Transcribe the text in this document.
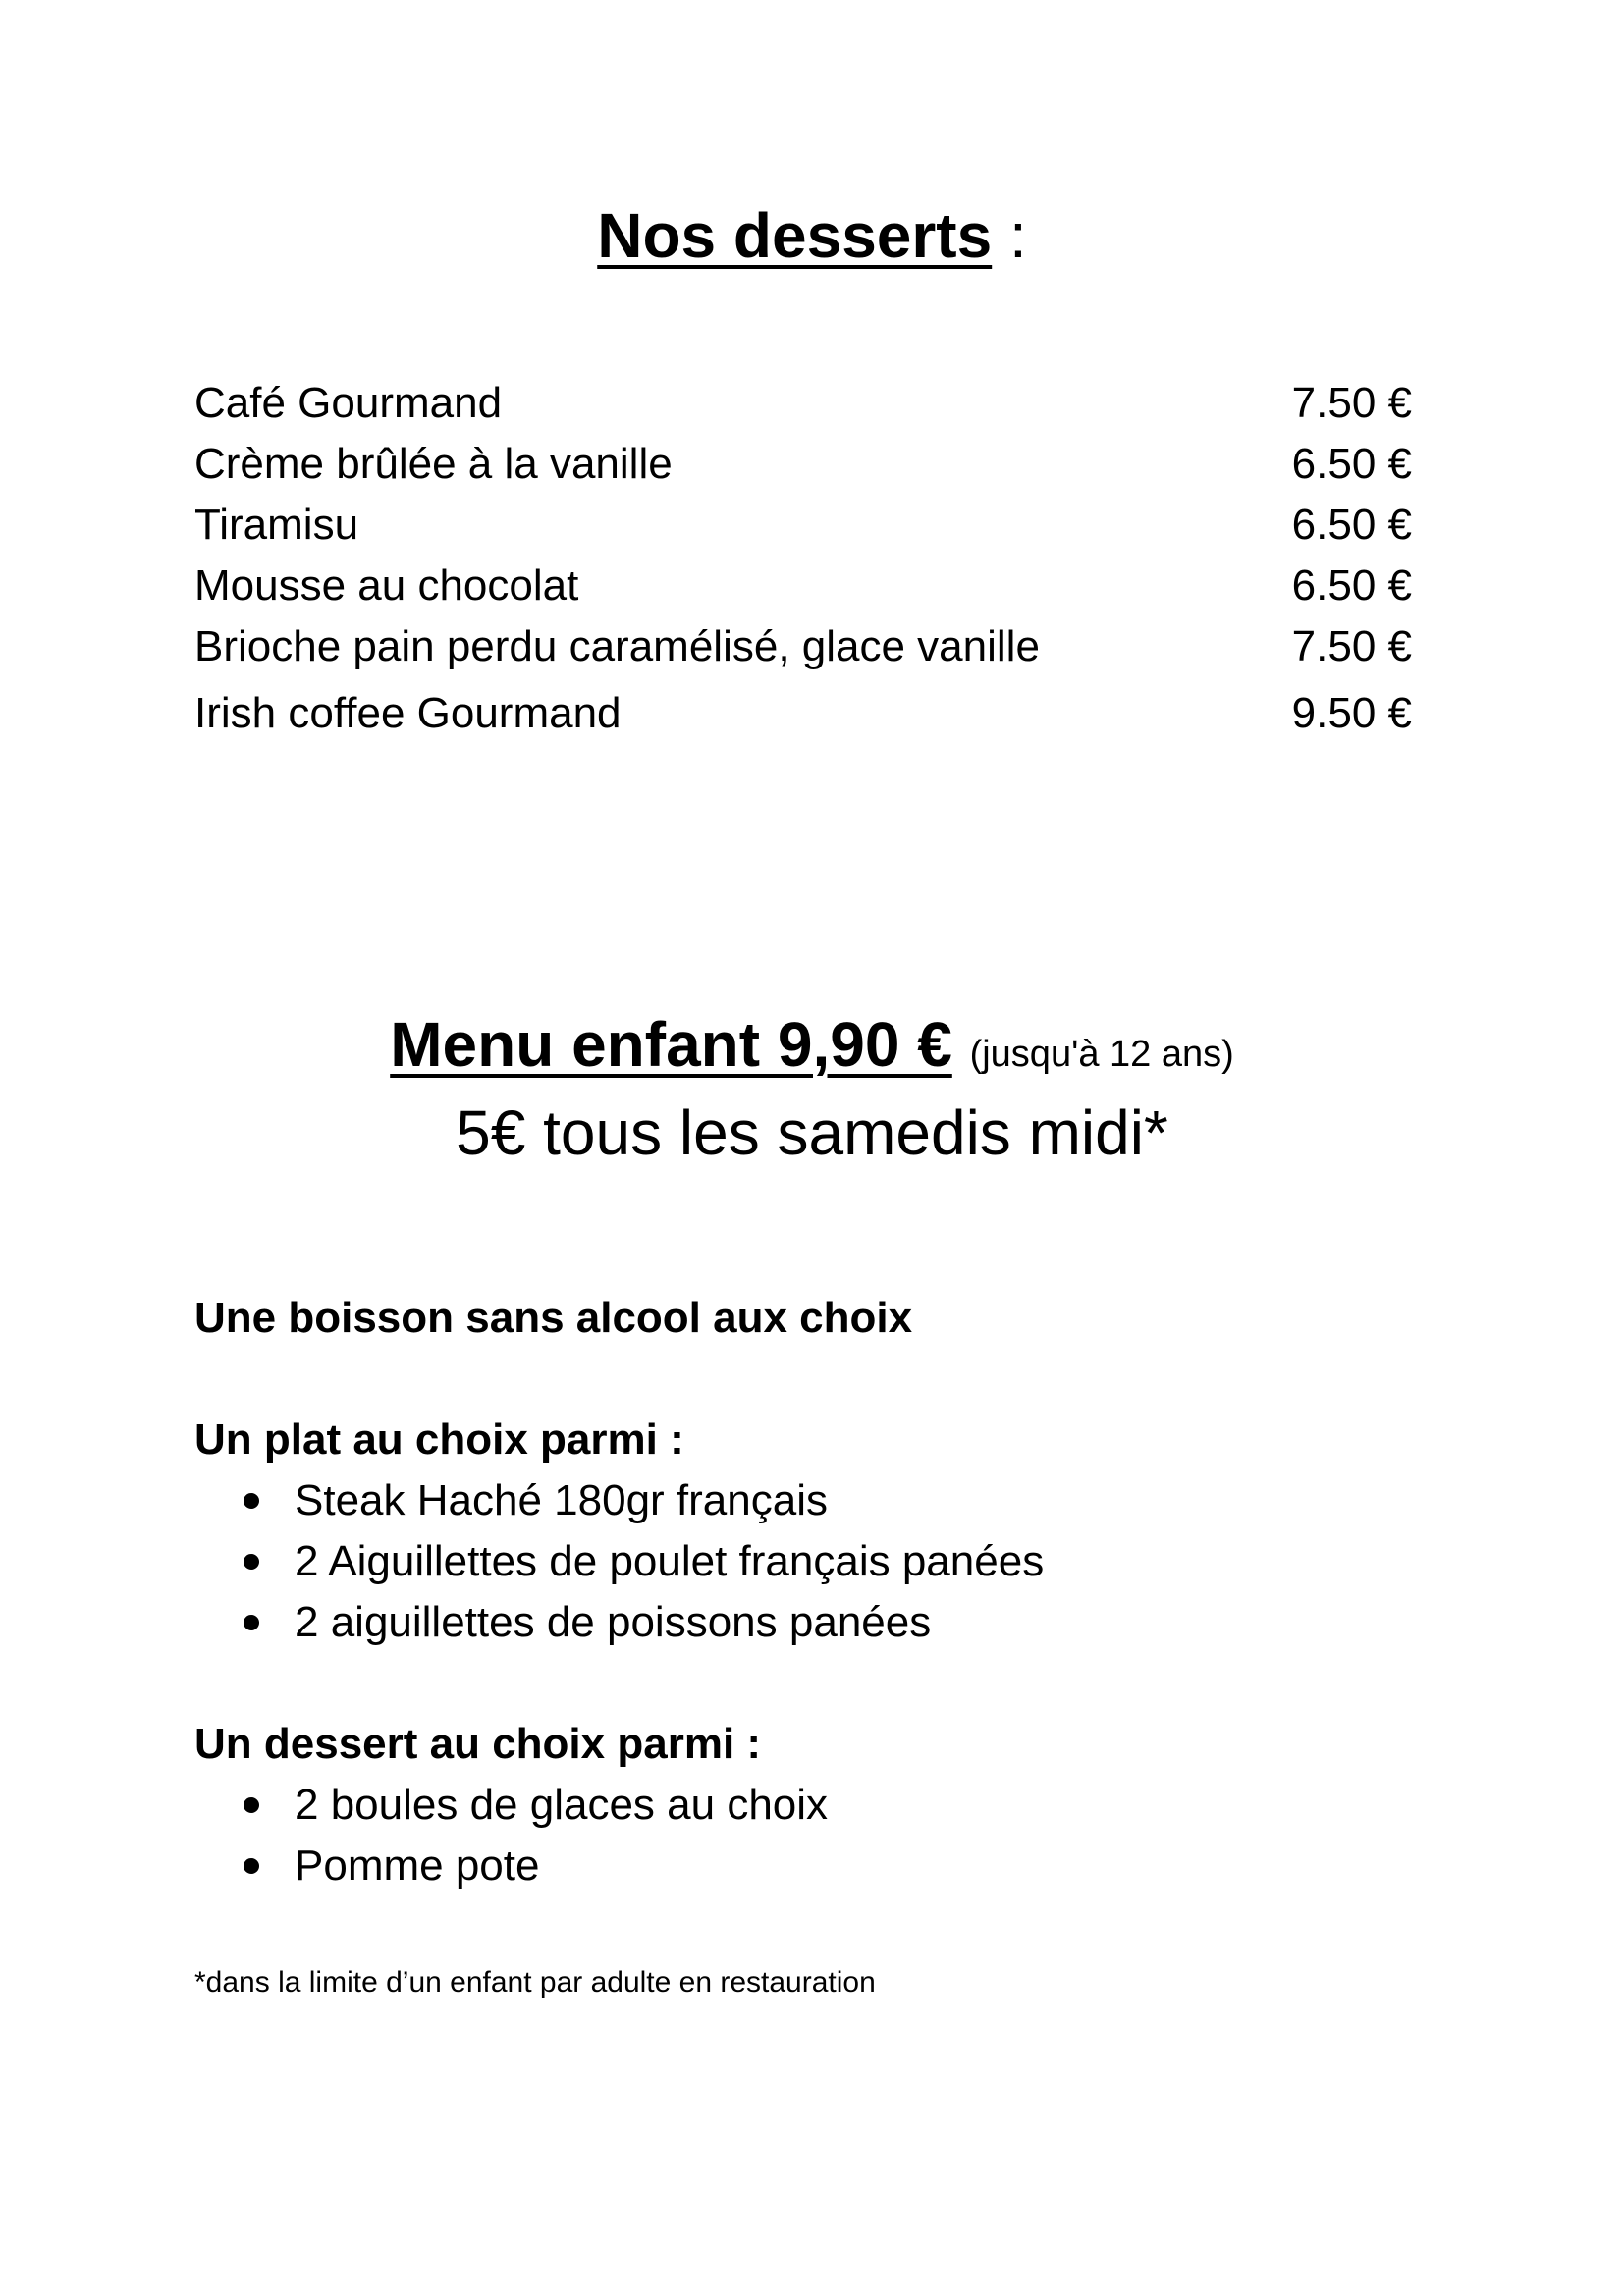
Nos desserts :
Café Gourmand	7.50 €
Crème brûlée à la vanille	6.50 €
Tiramisu	6.50 €
Mousse au chocolat	6.50 €
Brioche pain perdu caramélisé, glace vanille	7.50 €
Irish coffee Gourmand	9.50 €
Menu enfant 9,90 € (jusqu'à 12 ans)
5€ tous les samedis midi*

Une boisson sans alcool aux choix

Un plat au choix parmi :

Steak Haché 180gr français
2 Aiguillettes de poulet français panées
2 aiguillettes de poissons panées

Un dessert au choix parmi :

2 boules de glaces au choix
Pomme pote
*dans la limite d’un enfant par adulte en restauration
